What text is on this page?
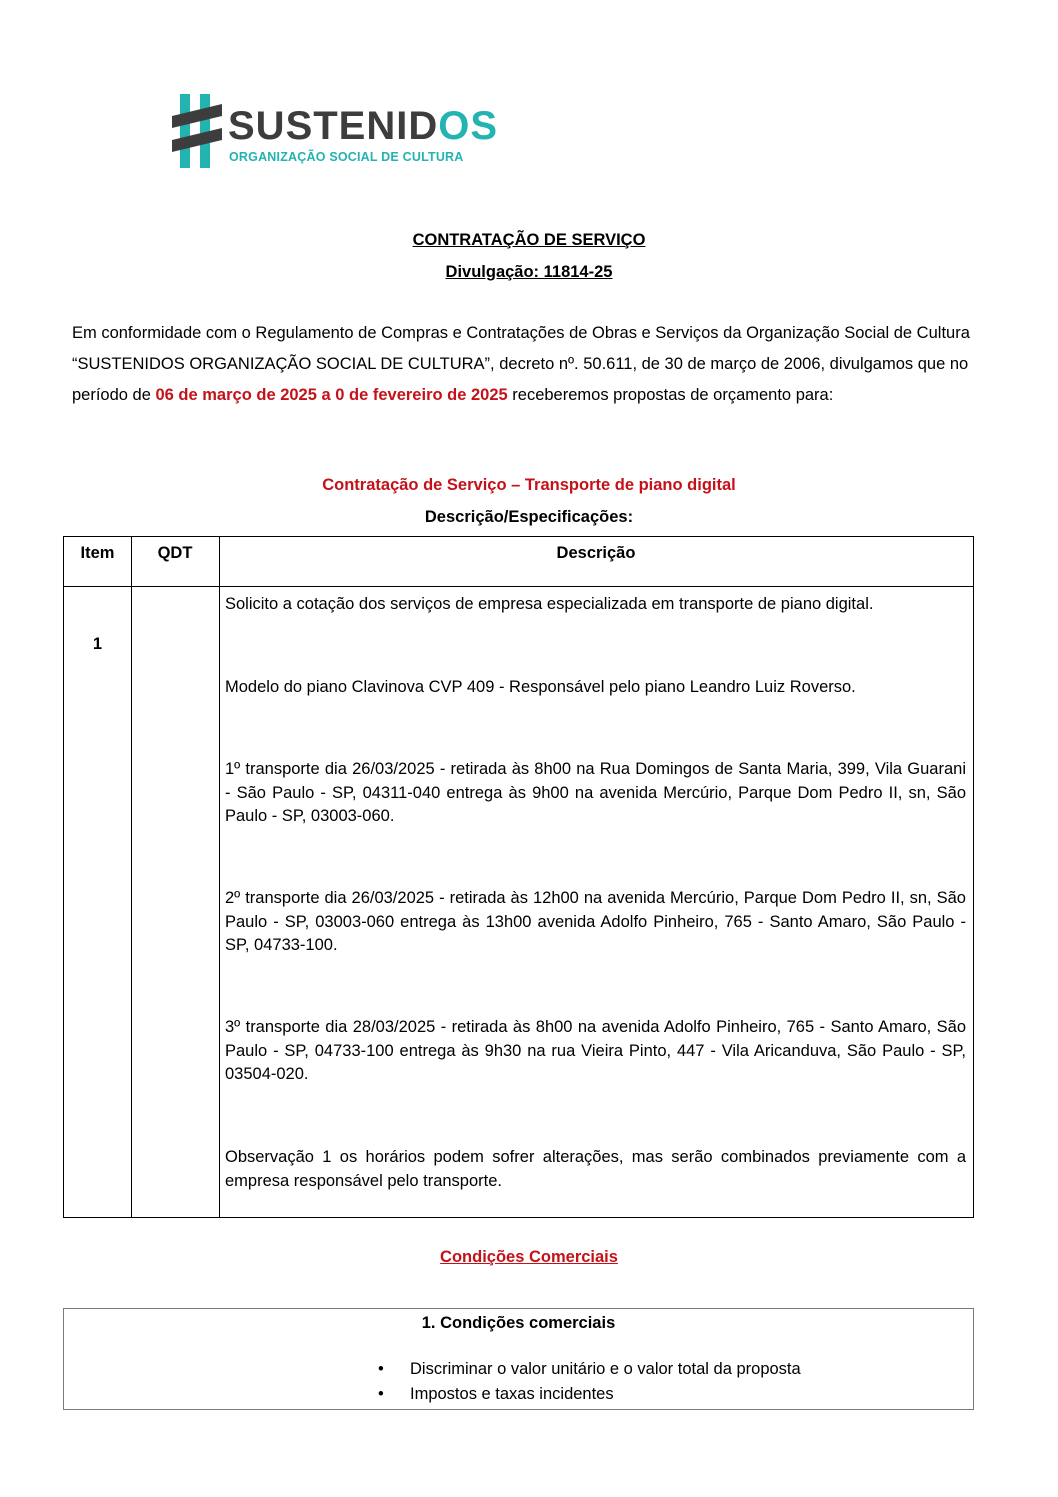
SUSTENIDOS
ORGANIZAÇÃO SOCIAL DE CULTURA
CONTRATAÇÃO DE SERVIÇO
Divulgação: 11814-25
Em conformidade com o Regulamento de Compras e Contratações de Obras e Serviços da Organização Social de Cultura “SUSTENIDOS ORGANIZAÇÃO SOCIAL DE CULTURA”, decreto nº. 50.611, de 30 de março de 2006, divulgamos que no período de 06 de março de 2025 a 0 de fevereiro de 2025 receberemos propostas de orçamento para:
Contratação de Serviço – Transporte de piano digital
Descrição/Especificações:
Item	QDT	Descrição
1

Solicito a cotação dos serviços de empresa especializada em transporte de piano digital.

Modelo do piano Clavinova CVP 409 - Responsável pelo piano Leandro Luiz Roverso.

1º transporte dia 26/03/2025 - retirada às 8h00 na Rua Domingos de Santa Maria, 399, Vila Guarani - São Paulo - SP, 04311-040 entrega às 9h00 na avenida Mercúrio, Parque Dom Pedro II, sn, São Paulo - SP, 03003-060.

2º transporte dia 26/03/2025 - retirada às 12h00 na avenida Mercúrio, Parque Dom Pedro II, sn, São Paulo - SP, 03003-060 entrega às 13h00 avenida Adolfo Pinheiro, 765 - Santo Amaro, São Paulo - SP, 04733-100.

3º transporte dia 28/03/2025 - retirada às 8h00 na avenida Adolfo Pinheiro, 765 - Santo Amaro, São Paulo - SP, 04733-100 entrega às 9h30 na rua Vieira Pinto, 447 - Vila Aricanduva, São Paulo - SP, 03504-020.

Observação 1 os horários podem sofrer alterações, mas serão combinados previamente com a empresa responsável pelo transporte.

Condições Comerciais
1. Condições comerciais
• Discriminar o valor unitário e o valor total da proposta
• Impostos e taxas incidentes
